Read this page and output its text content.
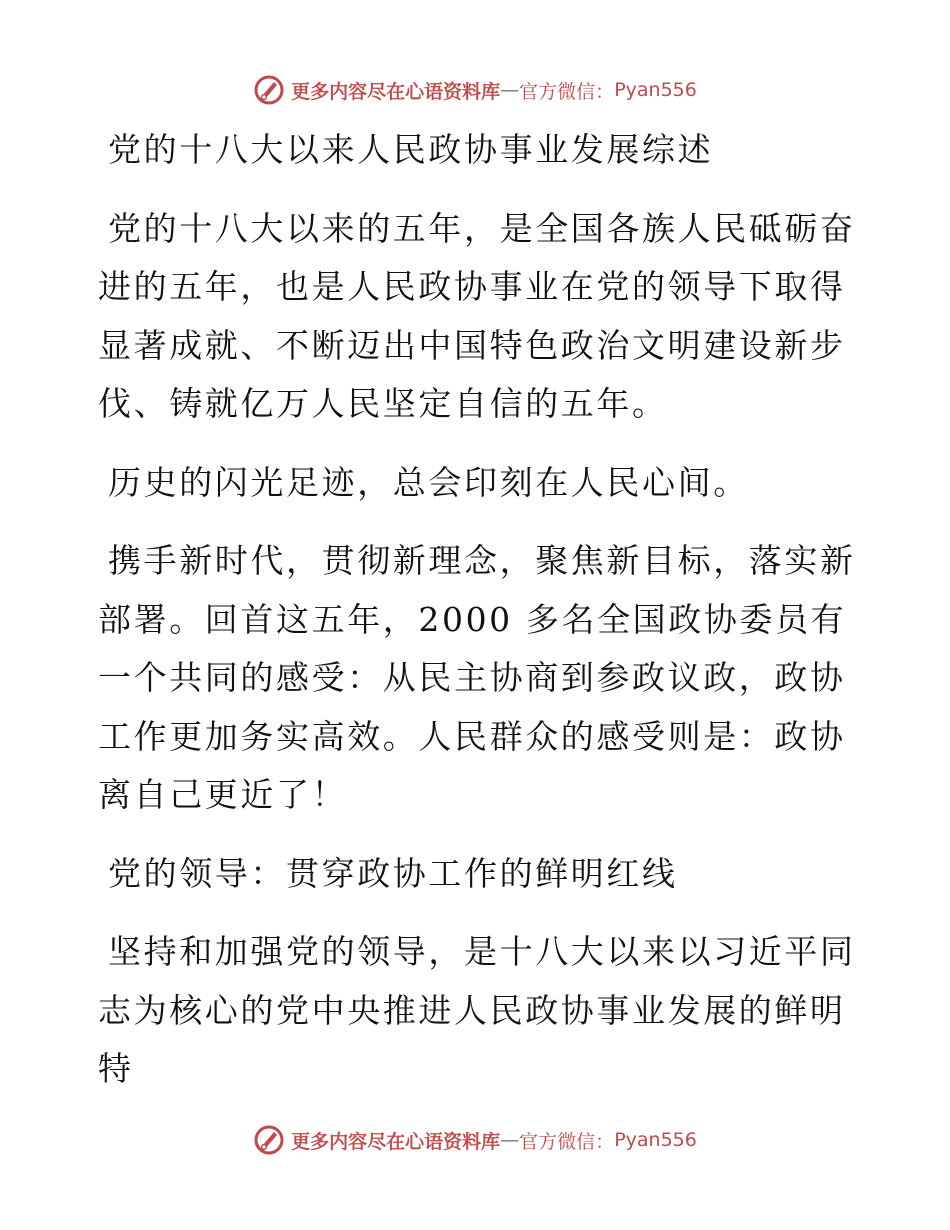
更多内容尽在心语资料库 — 官方微信： Pyan556
党的十八大以来人民政协事业发展综述
党的十八大以来的五年，是全国各族人民砥砺奋进的五年，也是人民政协事业在党的领导下取得显著成就、不断迈出中国特色政治文明建设新步伐、铸就亿万人民坚定自信的五年。
历史的闪光足迹，总会印刻在人民心间。
携手新时代，贯彻新理念，聚焦新目标，落实新部署。回首这五年，2000 多名全国政协委员有一个共同的感受：从民主协商到参政议政，政协工作更加务实高效。人民群众的感受则是：政协离自己更近了！
党的领导：贯穿政协工作的鲜明红线
坚持和加强党的领导，是十八大以来以习近平同志为核心的党中央推进人民政协事业发展的鲜明特
更多内容尽在心语资料库 — 官方微信： Pyan556
